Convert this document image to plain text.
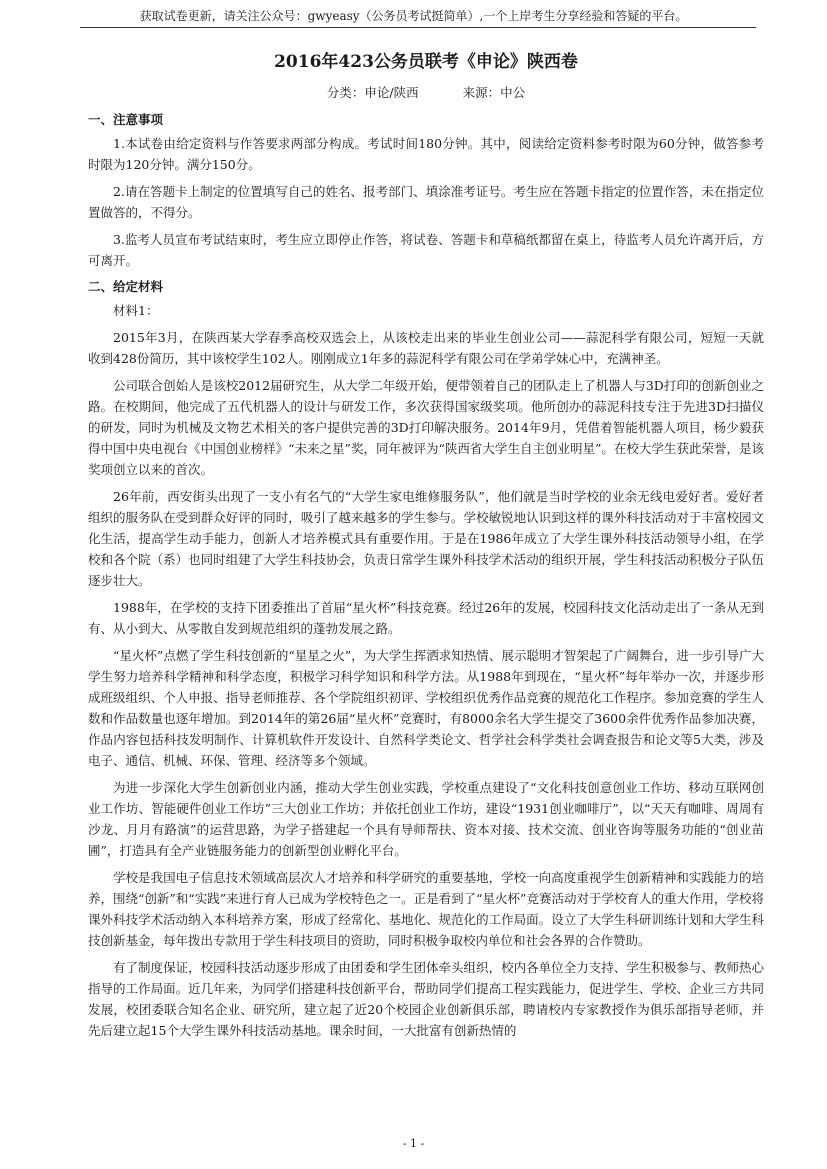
获取试卷更新，请关注公众号：gwyeasy（公务员考试挺简单）,一个上岸考生分享经验和答疑的平台。
2016年423公务员联考《申论》陕西卷
分类：申论/陕西	来源：中公
一、注意事项

1.本试卷由给定资料与作答要求两部分构成。考试时间180分钟。其中，阅读给定资料参考时限为60分钟，做答参考时限为120分钟。满分150分。

2.请在答题卡上制定的位置填写自己的姓名、报考部门、填涂准考证号。考生应在答题卡指定的位置作答，未在指定位置做答的，不得分。

3.监考人员宣布考试结束时，考生应立即停止作答，将试卷、答题卡和草稿纸都留在桌上，待监考人员允许离开后，方可离开。

二、给定材料

材料1：

2015年3月，在陕西某大学春季高校双选会上，从该校走出来的毕业生创业公司——蒜泥科学有限公司，短短一天就收到428份简历，其中该校学生102人。刚刚成立1年多的蒜泥科学有限公司在学弟学妹心中，充满神圣。

公司联合创始人是该校2012届研究生，从大学二年级开始，便带领着自己的团队走上了机器人与3D打印的创新创业之路。在校期间，他完成了五代机器人的设计与研发工作，多次获得国家级奖项。他所创办的蒜泥科技专注于先进3D扫描仪的研发，同时为机械及文物艺术相关的客户提供完善的3D打印解决服务。2014年9月，凭借着智能机器人项目，杨少毅获得中国中央电视台《中国创业榜样》“未来之星”奖，同年被评为“陕西省大学生自主创业明星”。在校大学生获此荣誉，是该奖项创立以来的首次。

26年前，西安街头出现了一支小有名气的“大学生家电维修服务队”，他们就是当时学校的业余无线电爱好者。爱好者组织的服务队在受到群众好评的同时，吸引了越来越多的学生参与。学校敏锐地认识到这样的课外科技活动对于丰富校园文化生活，提高学生动手能力，创新人才培养模式具有重要作用。于是在1986年成立了大学生课外科技活动领导小组，在学校和各个院（系）也同时组建了大学生科技协会，负责日常学生课外科技学术活动的组织开展，学生科技活动积极分子队伍逐步壮大。

1988年，在学校的支持下团委推出了首届“星火杯”科技竞赛。经过26年的发展，校园科技文化活动走出了一条从无到有、从小到大、从零散自发到规范组织的蓬勃发展之路。

“星火杯”点燃了学生科技创新的“星星之火”，为大学生挥洒求知热情、展示聪明才智架起了广阔舞台，进一步引导广大学生努力培养科学精神和科学态度，积极学习科学知识和科学方法。从1988年到现在，“星火杯”每年举办一次，并逐步形成班级组织、个人申报、指导老师推荐、各个学院组织初评、学校组织优秀作品竞赛的规范化工作程序。参加竞赛的学生人数和作品数量也逐年增加。到2014年的第26届“星火杯”竞赛时，有8000余名大学生提交了3600余件优秀作品参加决赛，作品内容包括科技发明制作、计算机软件开发设计、自然科学类论文、哲学社会科学类社会调查报告和论文等5大类，涉及电子、通信、机械、环保、管理、经济等多个领域。

为进一步深化大学生创新创业内涵，推动大学生创业实践，学校重点建设了“文化科技创意创业工作坊、移动互联网创业工作坊、智能硬件创业工作坊”三大创业工作坊；并依托创业工作坊，建设“1931创业咖啡厅”，以“天天有咖啡、周周有沙龙、月月有路演”的运营思路，为学子搭建起一个具有导师帮扶、资本对接、技术交流、创业咨询等服务功能的“创业苗圃”，打造具有全产业链服务能力的创新型创业孵化平台。

学校是我国电子信息技术领域高层次人才培养和科学研究的重要基地，学校一向高度重视学生创新精神和实践能力的培养，围绕“创新”和“实践”来进行育人已成为学校特色之一。正是看到了“星火杯”竞赛活动对于学校育人的重大作用，学校将课外科技学术活动纳入本科培养方案，形成了经常化、基地化、规范化的工作局面。设立了大学生科研训练计划和大学生科技创新基金，每年拨出专款用于学生科技项目的资助，同时积极争取校内单位和社会各界的合作赞助。

有了制度保证，校园科技活动逐步形成了由团委和学生团体牵头组织，校内各单位全力支持、学生积极参与、教师热心指导的工作局面。近几年来，为同学们搭建科技创新平台，帮助同学们提高工程实践能力，促进学生、学校、企业三方共同发展，校团委联合知名企业、研究所，建立起了近20个校园企业创新俱乐部，聘请校内专家教授作为俱乐部指导老师，并先后建立起15个大学生课外科技活动基地。课余时间，一大批富有创新热情的

- 1 -
